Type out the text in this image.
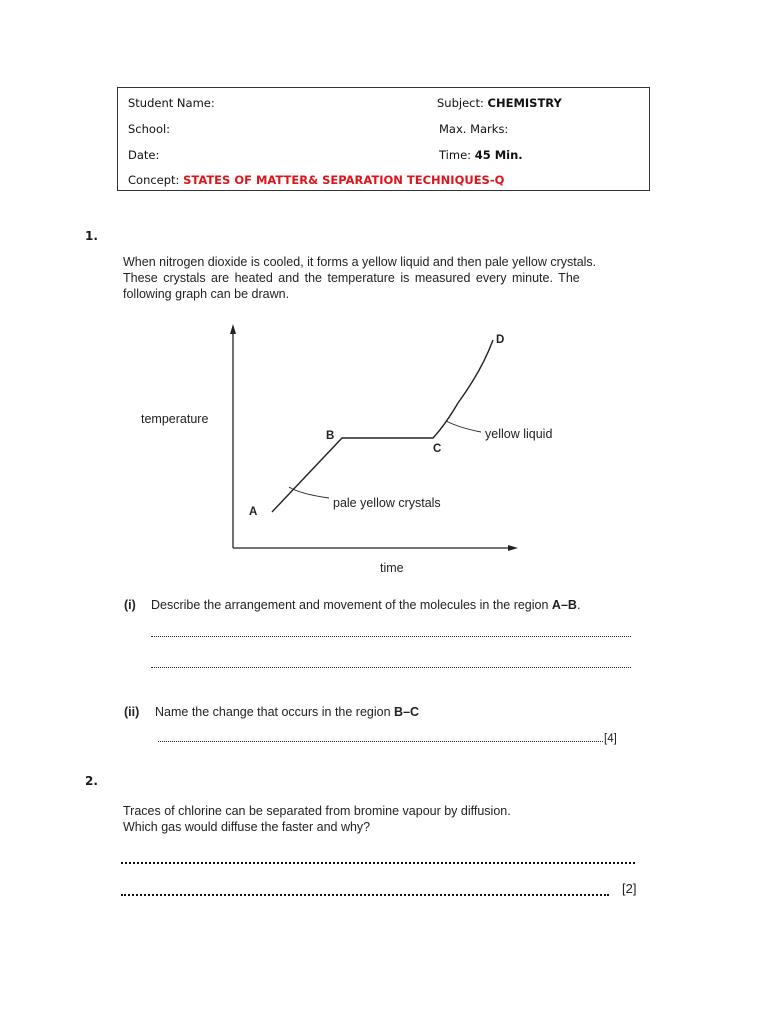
Student Name:	Subject: CHEMISTRY
School:	Max. Marks:
Date:	Time: 45 Min.
Concept: STATES OF MATTER& SEPARATION TECHNIQUES-Q
1.
When nitrogen dioxide is cooled, it forms a yellow liquid and then pale yellow crystals.
These crystals are heated and the temperature is measured every minute. The
following graph can be drawn.
temperature
time
A
B
C
D
pale yellow crystals
yellow liquid
(i) Describe the arrangement and movement of the molecules in the region A–B.
(ii) Name the change that occurs in the region B–C
[4]
2.
Traces of chlorine can be separated from bromine vapour by diffusion.
Which gas would diffuse the faster and why?
[2]
